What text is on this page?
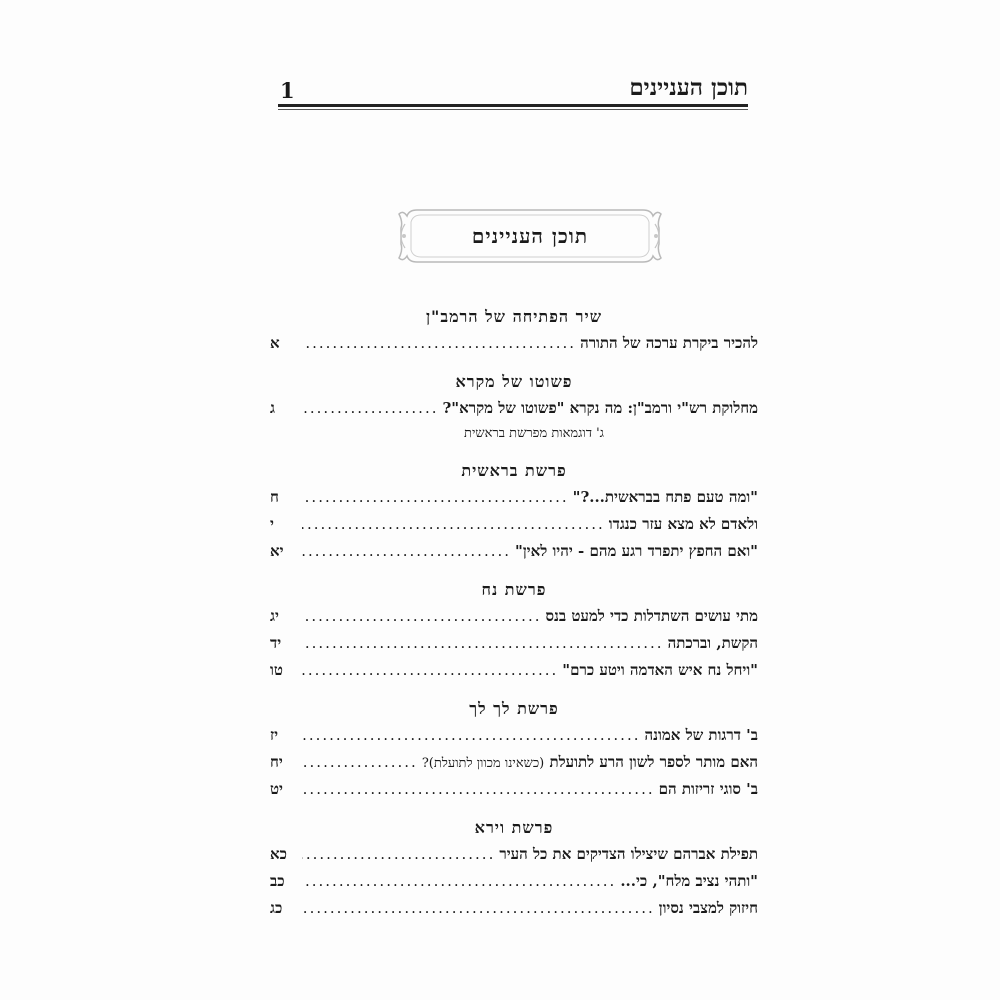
תוכן העניינים
1
תוכן העניינים
שיר הפתיחה של הרמב"ן
להכיר ביקרת ערכה של התורה
.....
א
פשוטו של מקרא
מחלוקת רש"י ורמב"ן: מה נקרא "פשוטו של מקרא"?
.....
ג
ג' דוגמאות מפרשת בראשית
פרשת בראשית
"ומה טעם פתח בבראשית...?"
.....
ח
ולאדם לא מצא עזר כנגדו
.....
י
"ואם החפץ יתפרד רגע מהם - יהיו לאין"
.....
יא
פרשת נח
מתי עושים השתדלות כדי למעט בנס
.....
יג
הקשת, וברכתה
.....
יד
"ויחל נח איש האדמה ויטע כרם"
.....
טו
פרשת לך לך
ב' דרגות של אמונה
.....
יז
האם מותר לספר לשון הרע לתועלת (כשאינו מכוון לתועלת)?
.....
יח
ב' סוגי זריזות הם
.....
יט
פרשת וירא
תפילת אברהם שיצילו הצדיקים את כל העיר
.....
כא
"ותהי נציב מלח", כי...
.....
כב
חיזוק למצבי נסיון
.....
כג
